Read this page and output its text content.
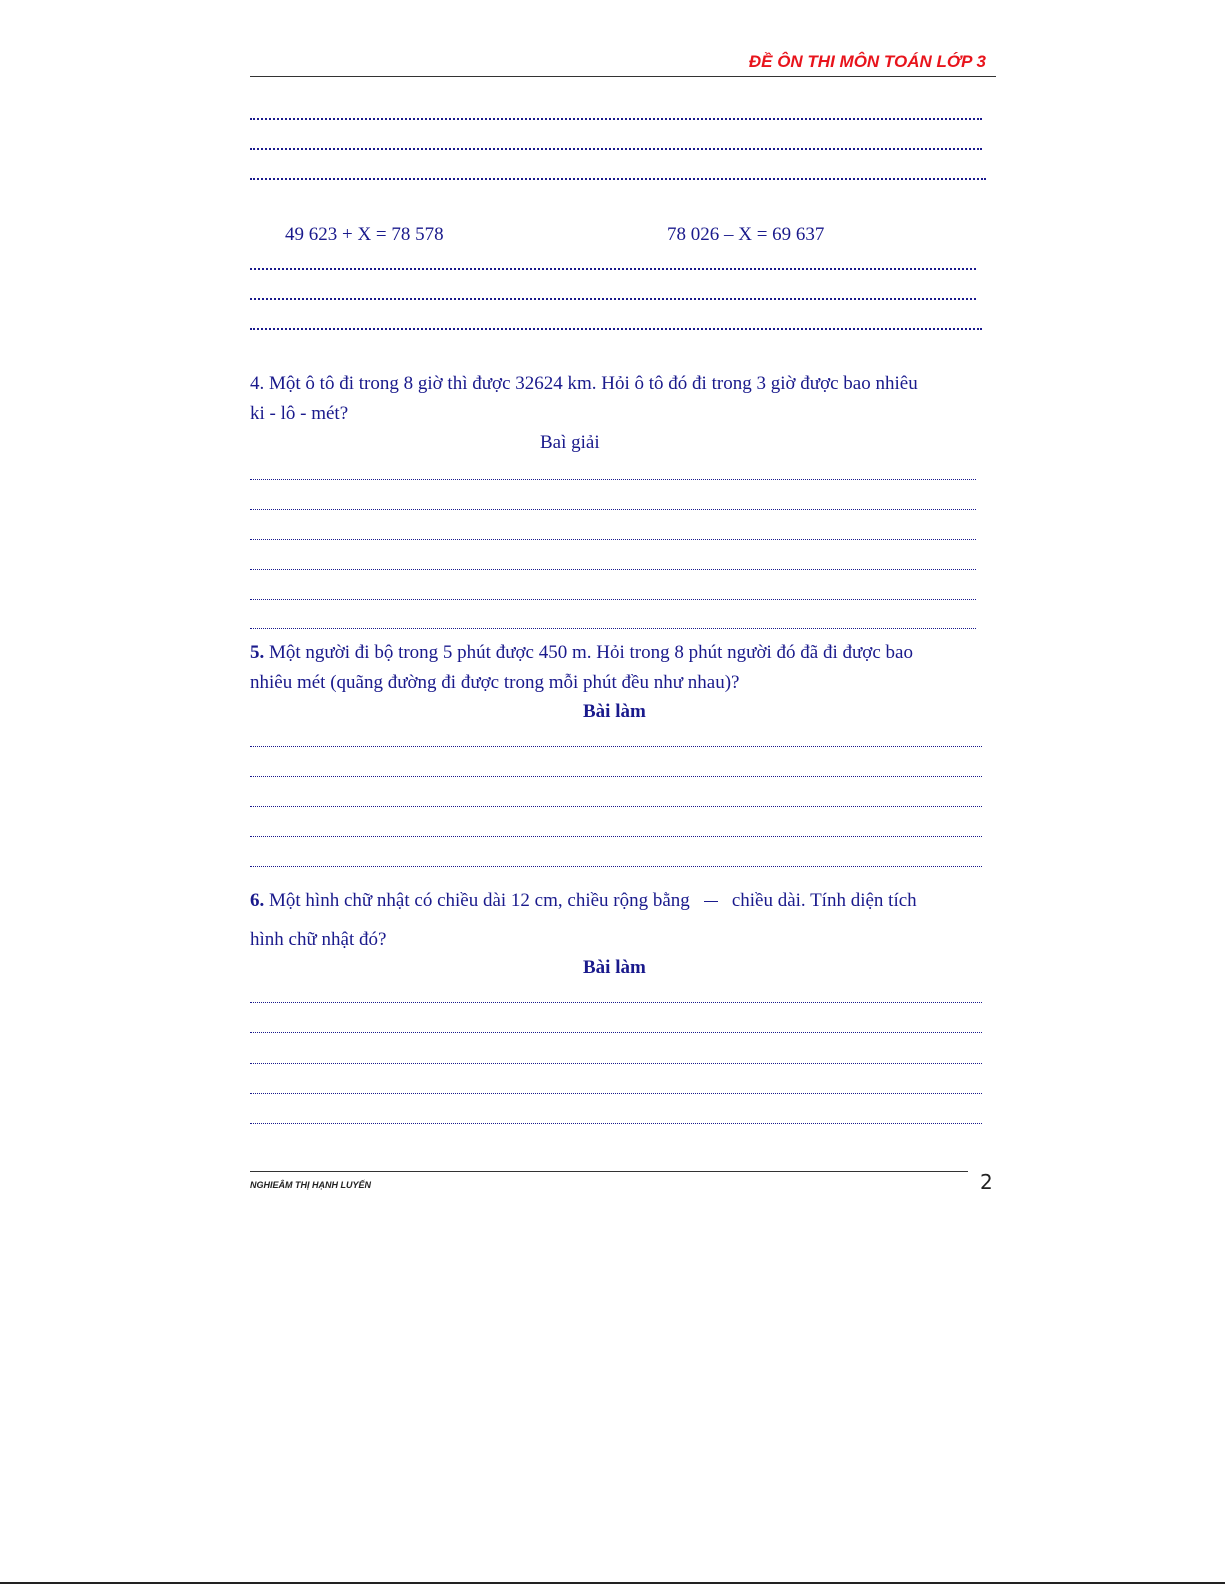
ĐỀ ÔN THI MÔN TOÁN LỚP 3
49 623 + X = 78 578	78 026 – X = 69 637
4. Một ô tô đi trong 8 giờ thì được 32624 km. Hỏi ô tô đó đi trong 3 giờ được bao nhiêu
ki - lô - mét?
Baì giải
5. Một người đi bộ trong 5 phút được 450 m. Hỏi trong 8 phút người đó đã đi được bao
nhiêu mét (quãng đường đi được trong mỗi phút đều như nhau)?
Bài làm
6. Một hình chữ nhật có chiều dài 12 cm, chiều rộng bằng chiều dài. Tính diện tích
hình chữ nhật đó?
Bài làm
NGHIEÂM THỊ HẠNH LUYẾN	2
